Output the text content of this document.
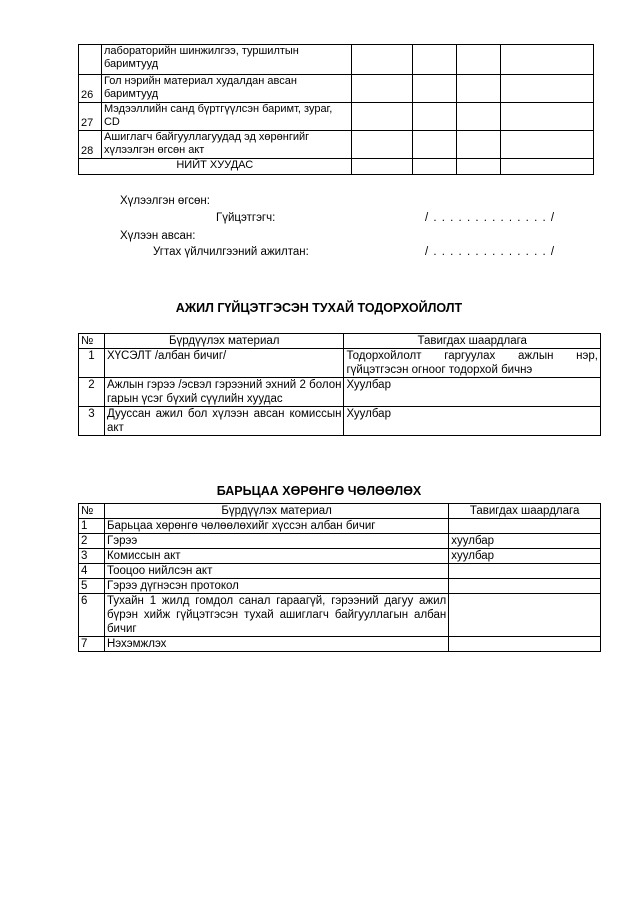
	лабораторийн шинжилгээ, туршилтын баримтууд				
26	Гол нэрийн материал худалдан авсан баримтууд				
27	Мэдээллийн санд бүртгүүлсэн баримт, зураг, CD				
28	Ашиглагч байгууллагуудад эд хөрөнгийг хүлээлгэн өгсөн акт				
НИЙТ ХУУДАС					
Хүлээлгэн өгсөн:
Гүйцэтгэгч:	/ . . . . . . . . . . . . . . /
Хүлээн авсан:
Угтах үйлчилгээний ажилтан:	/ . . . . . . . . . . . . . . /
АЖИЛ ГҮЙЦЭТГЭСЭН ТУХАЙ ТОДОРХОЙЛОЛТ
№	Бүрдүүлэх материал	Тавигдах шаардлага
1	ХҮСЭЛТ /албан бичиг/	Тодорхойлолт гаргуулах ажлын нэр, гүйцэтгэсэн огноог тодорхой бичнэ
2	Ажлын гэрээ /эсвэл гэрээний эхний 2 болон гарын үсэг бүхий сүүлийн хуудас	Хуулбар
3	Дууссан ажил бол хүлээн авсан комиссын акт	Хуулбар
БАРЬЦАА ХӨРӨНГӨ ЧӨЛӨӨЛӨХ
№	Бүрдүүлэх материал	Тавигдах шаардлага
1	Барьцаа хөрөнгө чөлөөлөхийг хүссэн албан бичиг	
2	Гэрээ	хуулбар
3	Комиссын акт	хуулбар
4	Тооцоо нийлсэн акт	
5	Гэрээ дүгнэсэн протокол	
6	Тухайн 1 жилд гомдол санал гараагүй, гэрээний дагуу ажил бүрэн хийж гүйцэтгэсэн тухай ашиглагч байгууллагын албан бичиг	
7	Нэхэмжлэх	
